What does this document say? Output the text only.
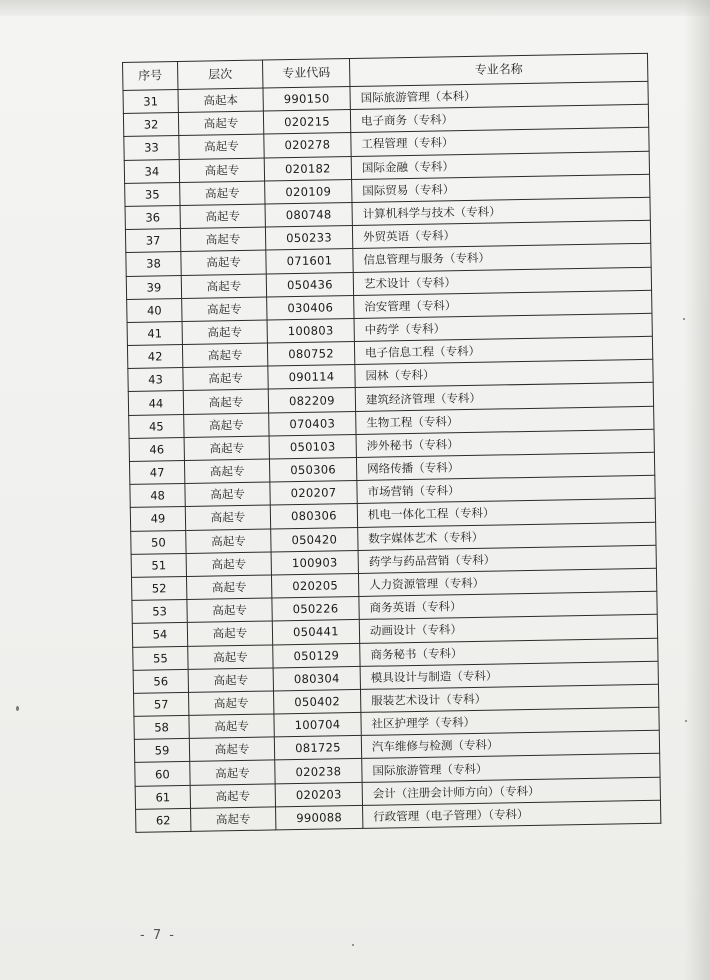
序号	层次	专业代码	专业名称
31	高起本	990150	国际旅游管理（本科）
32	高起专	020215	电子商务（专科）
33	高起专	020278	工程管理（专科）
34	高起专	020182	国际金融（专科）
35	高起专	020109	国际贸易（专科）
36	高起专	080748	计算机科学与技术（专科）
37	高起专	050233	外贸英语（专科）
38	高起专	071601	信息管理与服务（专科）
39	高起专	050436	艺术设计（专科）
40	高起专	030406	治安管理（专科）
41	高起专	100803	中药学（专科）
42	高起专	080752	电子信息工程（专科）
43	高起专	090114	园林（专科）
44	高起专	082209	建筑经济管理（专科）
45	高起专	070403	生物工程（专科）
46	高起专	050103	涉外秘书（专科）
47	高起专	050306	网络传播（专科）
48	高起专	020207	市场营销（专科）
49	高起专	080306	机电一体化工程（专科）
50	高起专	050420	数字媒体艺术（专科）
51	高起专	100903	药学与药品营销（专科）
52	高起专	020205	人力资源管理（专科）
53	高起专	050226	商务英语（专科）
54	高起专	050441	动画设计（专科）
55	高起专	050129	商务秘书（专科）
56	高起专	080304	模具设计与制造（专科）
57	高起专	050402	服装艺术设计（专科）
58	高起专	100704	社区护理学（专科）
59	高起专	081725	汽车维修与检测（专科）
60	高起专	020238	国际旅游管理（专科）
61	高起专	020203	会计（注册会计师方向）（专科）
62	高起专	990088	行政管理（电子管理）（专科）
- 7 -
